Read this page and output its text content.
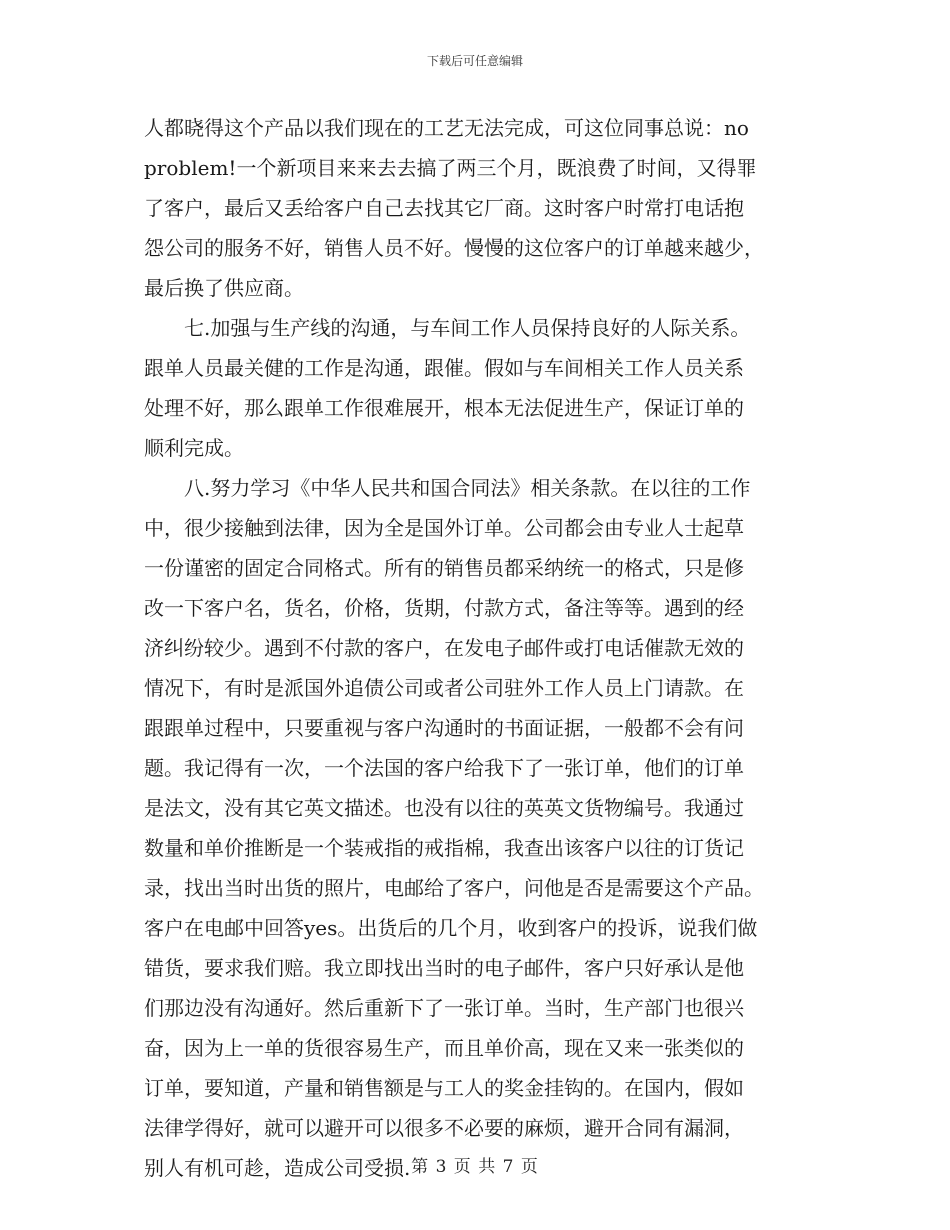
下载后可任意编辑
人都晓得这个产品以我们现在的工艺无法完成，可这位同事总说：no
problem!一个新项目来来去去搞了两三个月，既浪费了时间，又得罪
了客户，最后又丢给客户自己去找其它厂商。这时客户时常打电话抱
怨公司的服务不好，销售人员不好。慢慢的这位客户的订单越来越少，
最后换了供应商。
七.加强与生产线的沟通，与车间工作人员保持良好的人际关系。
跟单人员最关健的工作是沟通，跟催。假如与车间相关工作人员关系
处理不好，那么跟单工作很难展开，根本无法促进生产，保证订单的
顺利完成。
八.努力学习《中华人民共和国合同法》相关条款。在以往的工作
中，很少接触到法律，因为全是国外订单。公司都会由专业人士起草
一份谨密的固定合同格式。所有的销售员都采纳统一的格式，只是修
改一下客户名，货名，价格，货期，付款方式，备注等等。遇到的经
济纠纷较少。遇到不付款的客户，在发电子邮件或打电话催款无效的
情况下，有时是派国外追债公司或者公司驻外工作人员上门请款。在
跟跟单过程中，只要重视与客户沟通时的书面证据，一般都不会有问
题。我记得有一次，一个法国的客户给我下了一张订单，他们的订单
是法文，没有其它英文描述。也没有以往的英英文货物编号。我通过
数量和单价推断是一个装戒指的戒指棉，我查出该客户以往的订货记
录，找出当时出货的照片，电邮给了客户，问他是否是需要这个产品。
客户在电邮中回答yes。出货后的几个月，收到客户的投诉，说我们做
错货，要求我们赔。我立即找出当时的电子邮件，客户只好承认是他
们那边没有沟通好。然后重新下了一张订单。当时，生产部门也很兴
奋，因为上一单的货很容易生产，而且单价高，现在又来一张类似的
订单，要知道，产量和销售额是与工人的奖金挂钩的。在国内，假如
法律学得好，就可以避开可以很多不必要的麻烦，避开合同有漏洞，
别人有机可趁，造成公司受损. 第 3 页 共 7 页
